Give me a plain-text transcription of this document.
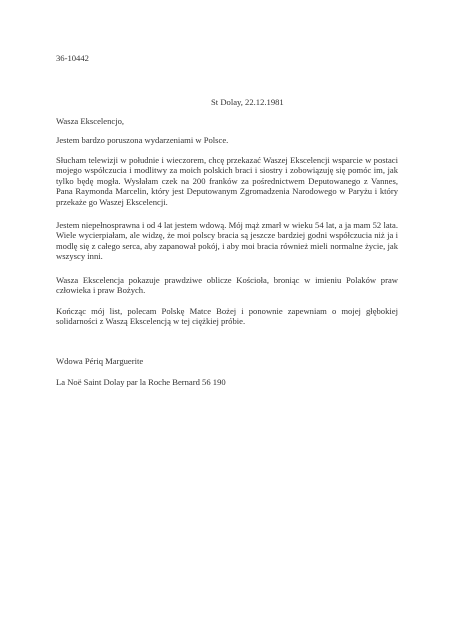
36-10442
St Dolay, 22.12.1981
Wasza Ekscelencjo,
Jestem bardzo poruszona wydarzeniami w Polsce.
Słucham telewizji w południe i wieczorem, chcę przekazać Waszej Ekscelencji wsparcie w postaci mojego współczucia i modlitwy za moich polskich braci i siostry i zobowiązuję się pomóc im, jak tylko będę mogła. Wysłałam czek na 200 franków za pośrednictwem Deputowanego z Vannes, Pana Raymonda Marcelin, który jest Deputowanym Zgromadzenia Narodowego w Paryżu i który przekaże go Waszej Ekscelencji.
Jestem niepełnosprawna i od 4 lat jestem wdową. Mój mąż zmarł w wieku 54 lat, a ja mam 52 lata. Wiele wycierpiałam, ale widzę, że moi polscy bracia są jeszcze bardziej godni współczucia niż ja i modlę się z całego serca, aby zapanował pokój, i aby moi bracia również mieli normalne życie, jak wszyscy inni.
Wasza Ekscelencja pokazuje prawdziwe oblicze Kościoła, broniąc w imieniu Polaków praw człowieka i praw Bożych.
Kończąc mój list, polecam Polskę Matce Bożej i ponownie zapewniam o mojej głębokiej solidarności z Waszą Ekscelencją w tej ciężkiej próbie.
Wdowa Périq Marguerite
La Noë Saint Dolay par la Roche Bernard 56 190
